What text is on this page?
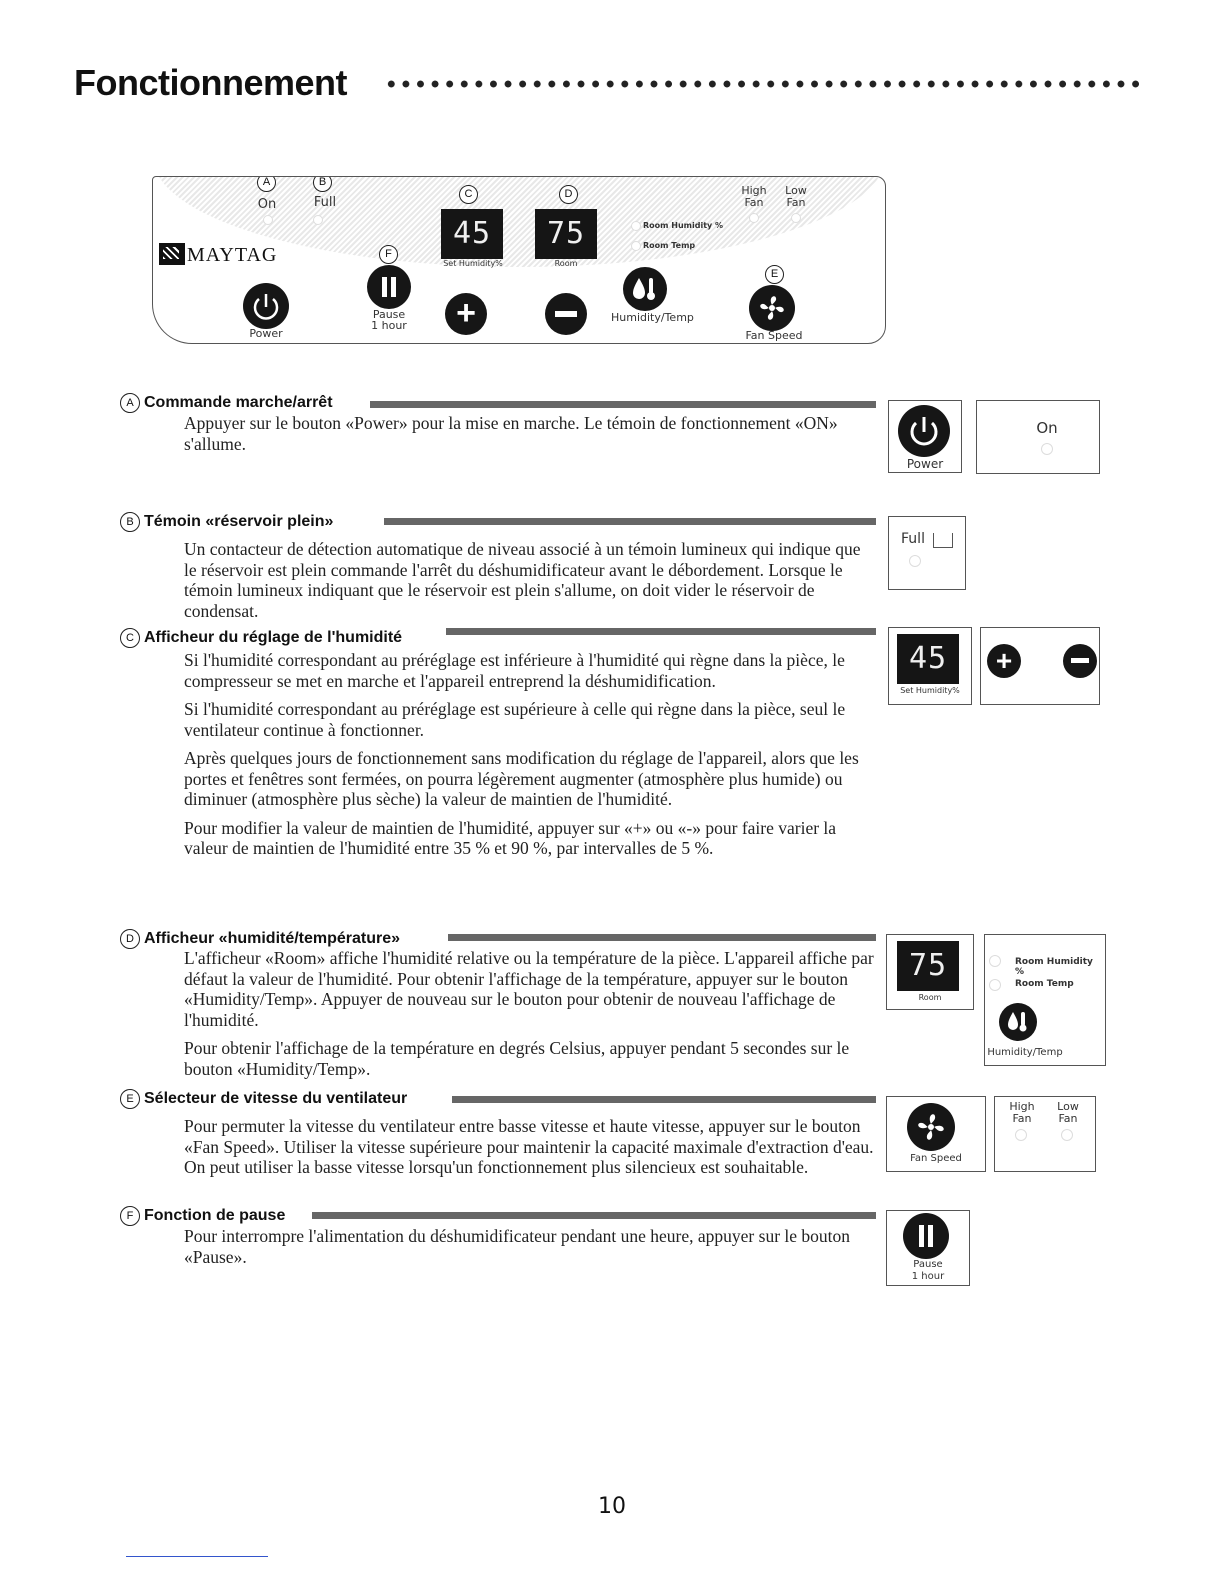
Fonctionnement
MAYTAG
A	B
C	D
F
E
On	Full
45	75
Set Humidity%	Room
Room Humidity %
Room Temp
High
Fan
Low
Fan
Power
Pause
1 hour	+	Humidity/Temp
Fan Speed
A Commande marche/arrêt

Appuyer sur le bouton «Power» pour la mise en marche. Le témoin de fonctionnement «ON» s'allume.

Power
On
B Témoin «réservoir plein»

Un contacteur de détection automatique de niveau associé à un témoin lumineux qui indique que le réservoir est plein commande l'arrêt du déshumidificateur avant le débordement. Lorsque le témoin lumineux indiquant que le réservoir est plein s'allume, on doit vider le réservoir de condensat.

Full
C Afficheur du réglage de l'humidité

Si l'humidité correspondant au préréglage est inférieure à l'humidité qui règne dans la pièce, le compresseur se met en marche et l'appareil entreprend la déshumidification.

Si l'humidité correspondant au préréglage est supérieure à celle qui règne dans la pièce, seul le ventilateur continue à fonctionner.

Après quelques jours de fonctionnement sans modification du réglage de l'appareil, alors que les portes et fenêtres sont fermées, on pourra légèrement augmenter (atmosphère plus humide) ou diminuer (atmosphère plus sèche) la valeur de maintien de l'humidité.

Pour modifier la valeur de maintien de l'humidité, appuyer sur «+» ou «-» pour faire varier la valeur de maintien de l'humidité entre 35 % et 90 %, par intervalles de 5 %.

45
Set Humidity%
+
D Afficheur «humidité/température»

L'afficheur «Room» affiche l'humidité relative ou la température de la pièce. L'appareil affiche par défaut la valeur de l'humidité. Pour obtenir l'affichage de la température, appuyer sur le bouton «Humidity/Temp». Appuyer de nouveau sur le bouton pour obtenir de nouveau l'affichage de l'humidité.

Pour obtenir l'affichage de la température en degrés Celsius, appuyer pendant 5 secondes sur le bouton «Humidity/Temp».

75
Room
Room Humidity %
Room Temp
Humidity/Temp
E Sélecteur de vitesse du ventilateur

Pour permuter la vitesse du ventilateur entre basse vitesse et haute vitesse, appuyer sur le bouton «Fan Speed». Utiliser la vitesse supérieure pour maintenir la capacité maximale d'extraction d'eau. On peut utiliser la basse vitesse lorsqu'un fonctionnement plus silencieux est souhaitable.	Fan Speed
High
Fan
Low
Fan
F Fonction de pause

Pour interrompre l'alimentation du déshumidificateur pendant une heure, appuyer sur le bouton «Pause».	Pause
1 hour
10
